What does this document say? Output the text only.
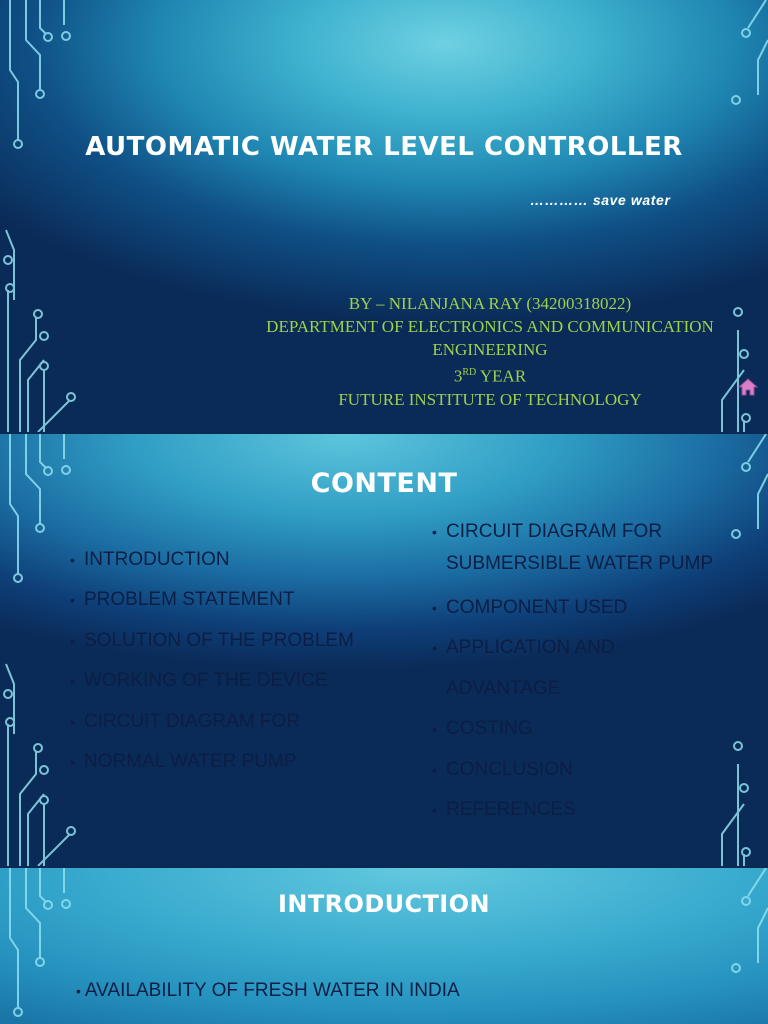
AUTOMATIC WATER LEVEL CONTROLLER
………… save water
BY – NILANJANA RAY (34200318022)
DEPARTMENT OF ELECTRONICS AND COMMUNICATION
ENGINEERING
3RD YEAR
FUTURE INSTITUTE OF TECHNOLOGY
CONTENT
• INTRODUCTION
• PROBLEM STATEMENT
• SOLUTION OF THE PROBLEM
• WORKING OF THE DEVICE
• CIRCUIT DIAGRAM FOR
• NORMAL WATER PUMP
• CIRCUIT DIAGRAM FOR SUBMERSIBLE WATER PUMP
• COMPONENT USED
• APPLICATION AND ADVANTAGE
• COSTING
• CONCLUSION
• REFERENCES
INTRODUCTION
• AVAILABILITY OF FRESH WATER IN INDIA
